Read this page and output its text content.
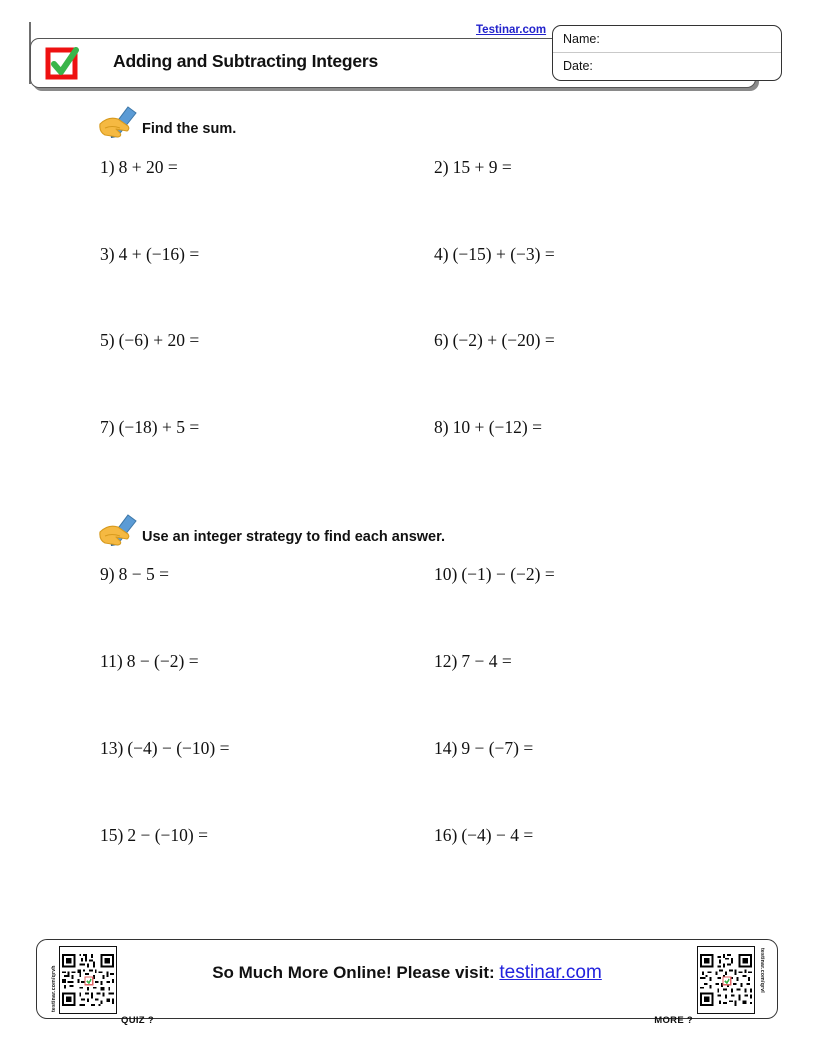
Adding and Subtracting Integers
Testinar.com
Name:
Date:
Find the sum.
1) 8 + 20 =	2) 15 + 9 =
3) 4 + (−16) =	4) (−15) + (−3) =
5) (−6) + 20 =	6) (−2) + (−20) =
7) (−18) + 5 =	8) 10 + (−12) =
Use an integer strategy to find each answer.
9) 8 − 5 =	10) (−1) − (−2) =
11) 8 − (−2) =	12) 7 − 4 =
13) (−4) − (−10) =	14) 9 − (−7) =
15) 2 − (−10) =	16) (−4) − 4 =
testinar.com/qrvh
QUIZ ?
So Much More Online! Please visit: testinar.com	testinar.com/qrvl
MORE ?
